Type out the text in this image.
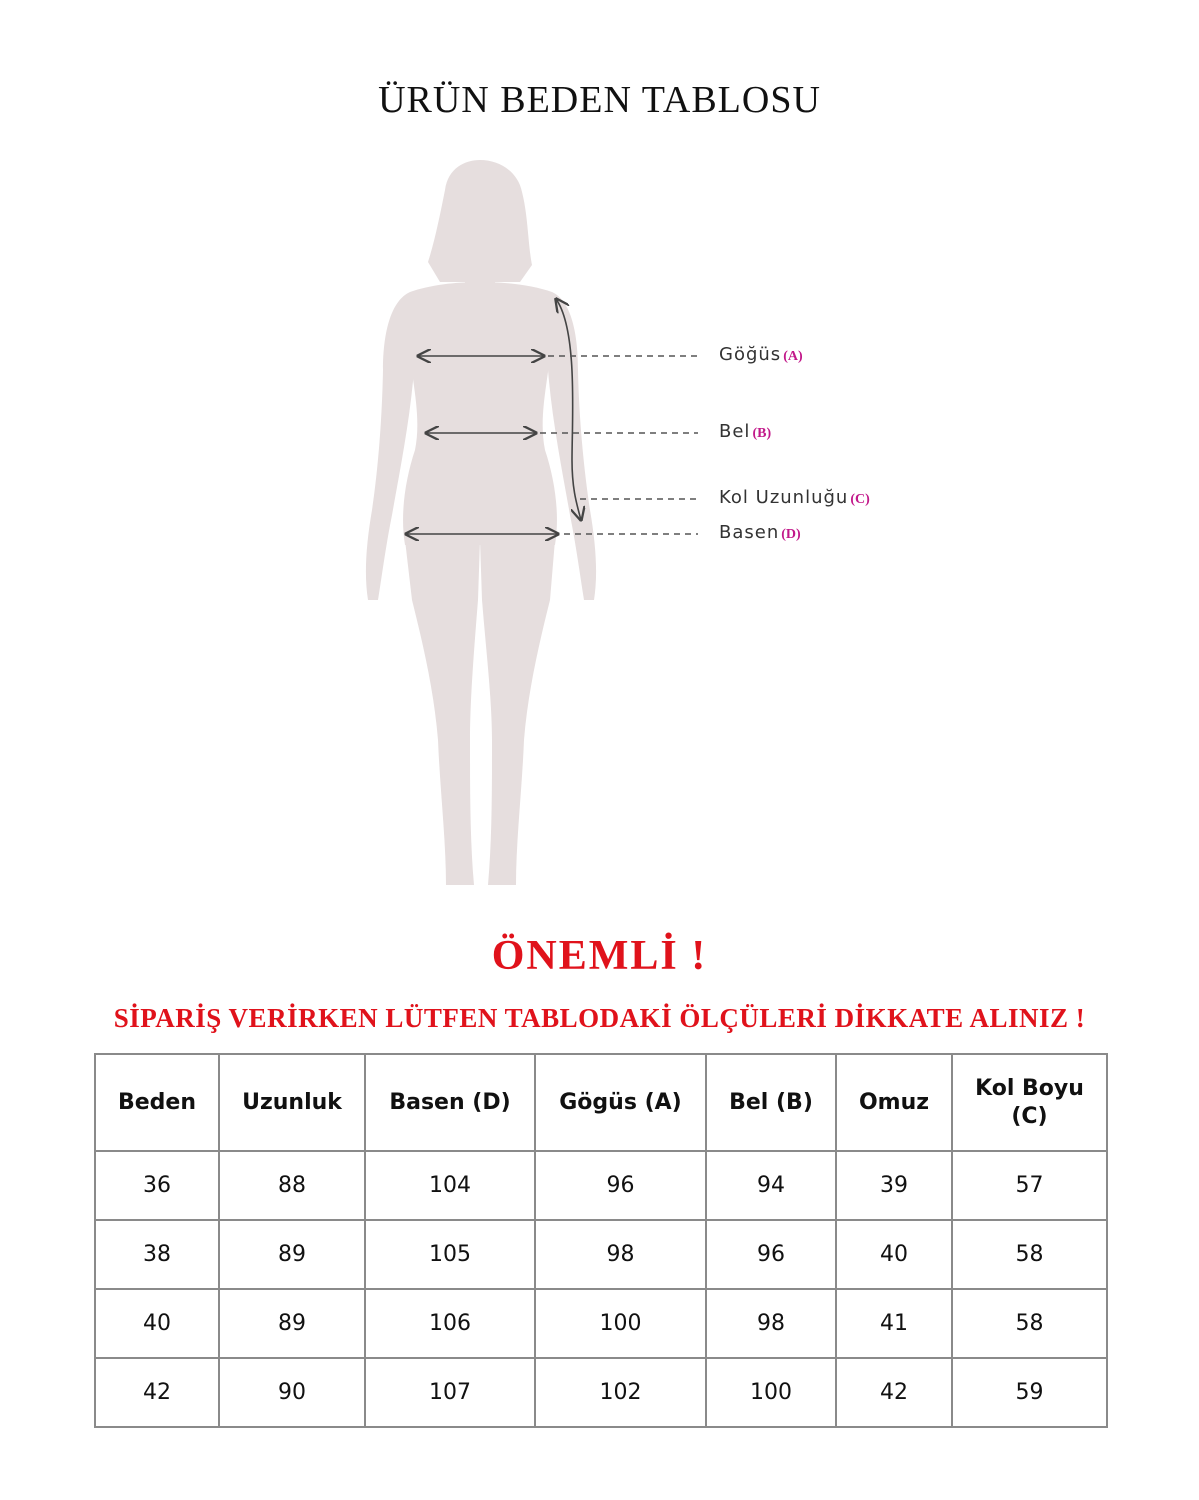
ÜRÜN BEDEN TABLOSU
Göğüs (A)
Bel (B)
Kol Uzunluğu (C)
Basen (D)
ÖNEMLİ !
SİPARİŞ VERİRKEN LÜTFEN TABLODAKİ ÖLÇÜLERİ DİKKATE ALINIZ !
Beden	Uzunluk	Basen (D)	Gögüs (A)	Bel (B)	Omuz	Kol Boyu (C)
36	88	104	96	94	39	57
38	89	105	98	96	40	58
40	89	106	100	98	41	58
42	90	107	102	100	42	59
